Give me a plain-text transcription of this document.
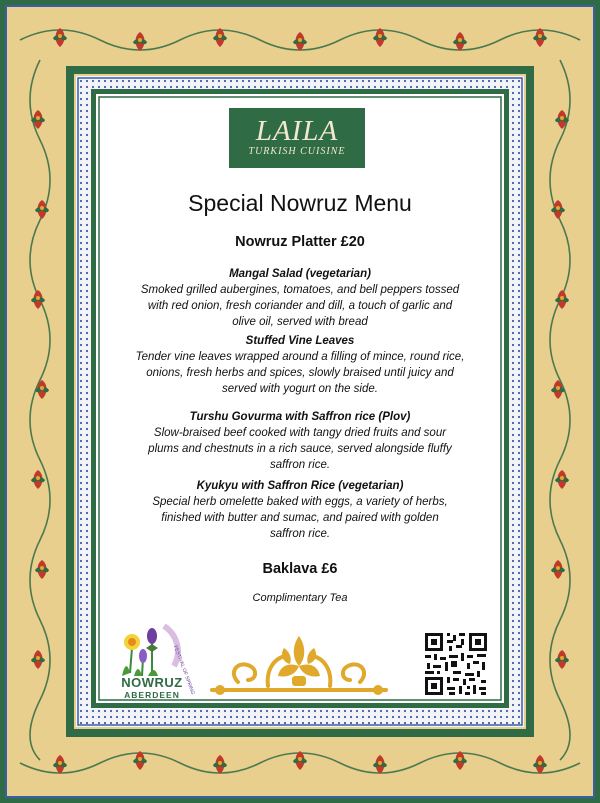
LAILA
TURKISH CUISINE
Special Nowruz Menu
Nowruz Platter £20
Mangal Salad (vegetarian)
Smoked grilled aubergines, tomatoes, and bell peppers tossed
with red onion, fresh coriander and dill, a touch of garlic and
olive oil, served with bread
Stuffed Vine Leaves
Tender vine leaves wrapped around a filling of mince, round rice,
onions, fresh herbs and spices, slowly braised until juicy and
served with yogurt on the side.
Turshu Govurma with Saffron rice (Plov)
Slow-braised beef cooked with tangy dried fruits and sour
plums and chestnuts in a rich sauce, served alongside fluffy
saffron rice.
Kyukyu with Saffron Rice (vegetarian)
Special herb omelette baked with eggs, a variety of herbs,
finished with butter and sumac, and paired with golden
saffron rice.
Baklava £6
Complimentary Tea
FESTIVAL OF SPRING
NOWRUZ
ABERDEEN
